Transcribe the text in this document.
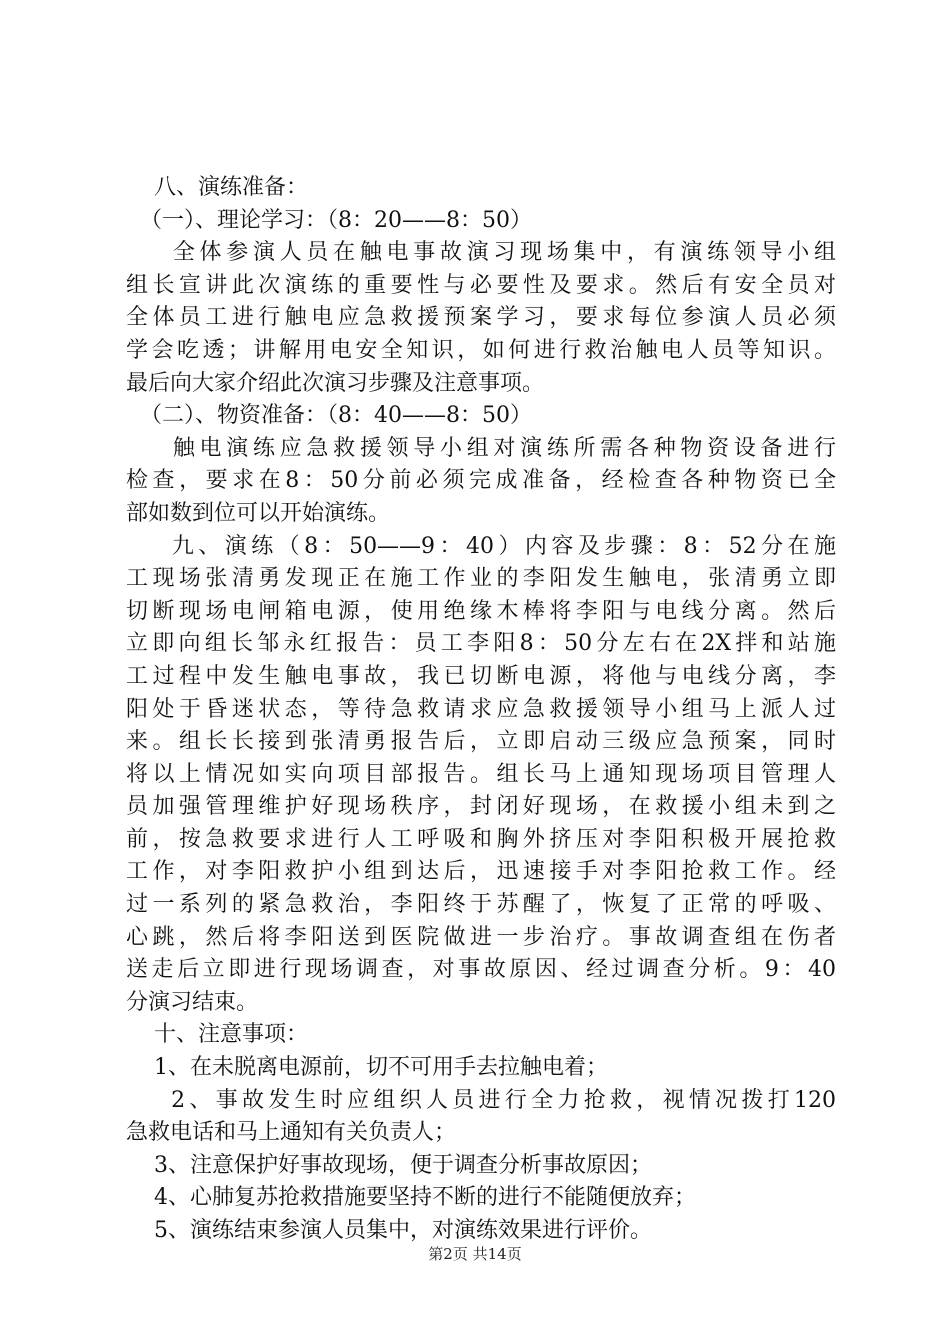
八、演练准备：
（一）、理论学习：（8：20——8：50）
全体参演人员在触电事故演习现场集中，有演练领导小组
组长宣讲此次演练的重要性与必要性及要求。然后有安全员对
全体员工进行触电应急救援预案学习，要求每位参演人员必须
学会吃透；讲解用电安全知识，如何进行救治触电人员等知识。
最后向大家介绍此次演习步骤及注意事项。
（二）、物资准备：（8：40——8：50）
触电演练应急救援领导小组对演练所需各种物资设备进行
检查，要求在8：50分前必须完成准备，经检查各种物资已全
部如数到位可以开始演练。
九、演练（8：50——9：40）内容及步骤：8：52分在施
工现场张清勇发现正在施工作业的李阳发生触电，张清勇立即
切断现场电闸箱电源，使用绝缘木棒将李阳与电线分离。然后
立即向组长邹永红报告：员工李阳8：50分左右在2X拌和站施
工过程中发生触电事故，我已切断电源，将他与电线分离，李
阳处于昏迷状态，等待急救请求应急救援领导小组马上派人过
来。组长长接到张清勇报告后，立即启动三级应急预案，同时
将以上情况如实向项目部报告。组长马上通知现场项目管理人
员加强管理维护好现场秩序，封闭好现场，在救援小组未到之
前，按急救要求进行人工呼吸和胸外挤压对李阳积极开展抢救
工作，对李阳救护小组到达后，迅速接手对李阳抢救工作。经
过一系列的紧急救治，李阳终于苏醒了，恢复了正常的呼吸、
心跳，然后将李阳送到医院做进一步治疗。事故调查组在伤者
送走后立即进行现场调查，对事故原因、经过调查分析。9：40
分演习结束。
十、注意事项：
1、在未脱离电源前，切不可用手去拉触电着；
2、事故发生时应组织人员进行全力抢救，视情况拨打120
急救电话和马上通知有关负责人；
3、注意保护好事故现场，便于调查分析事故原因；
4、心肺复苏抢救措施要坚持不断的进行不能随便放弃；
5、演练结束参演人员集中，对演练效果进行评价。
第2页 共14页
